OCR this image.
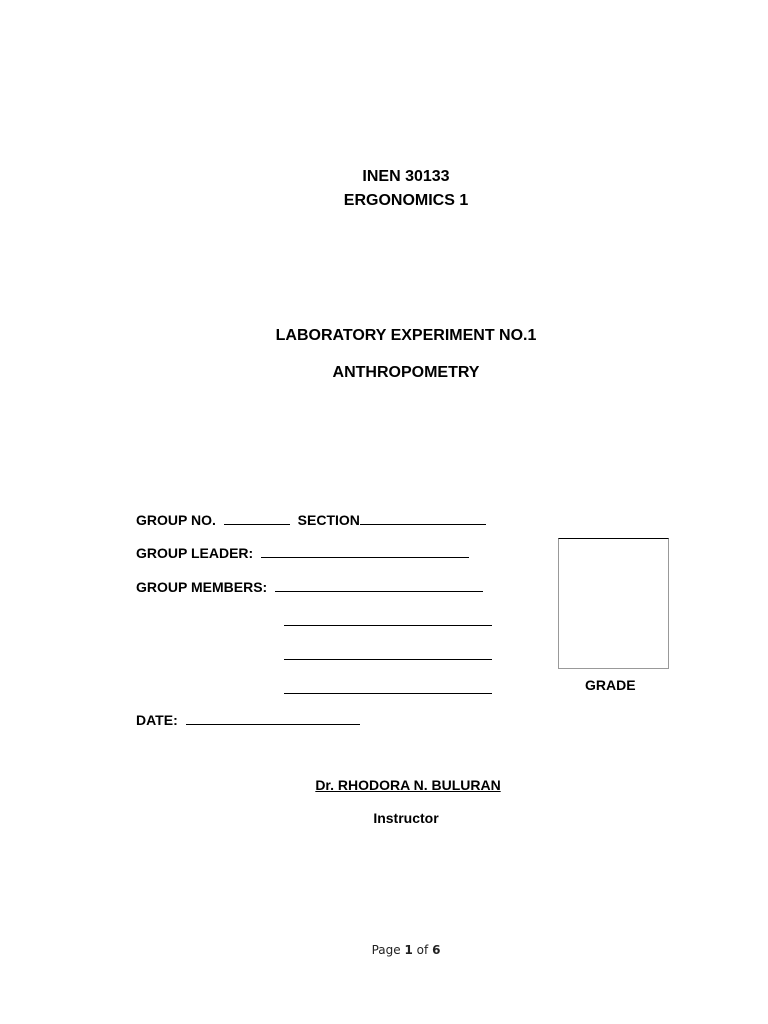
INEN 30133
ERGONOMICS 1
LABORATORY EXPERIMENT NO.1
ANTHROPOMETRY
GROUP NO.	SECTION
GROUP LEADER:
GROUP MEMBERS:
DATE:
GRADE
Dr. RHODORA N. BULURAN
Instructor
Page 1 of 6
